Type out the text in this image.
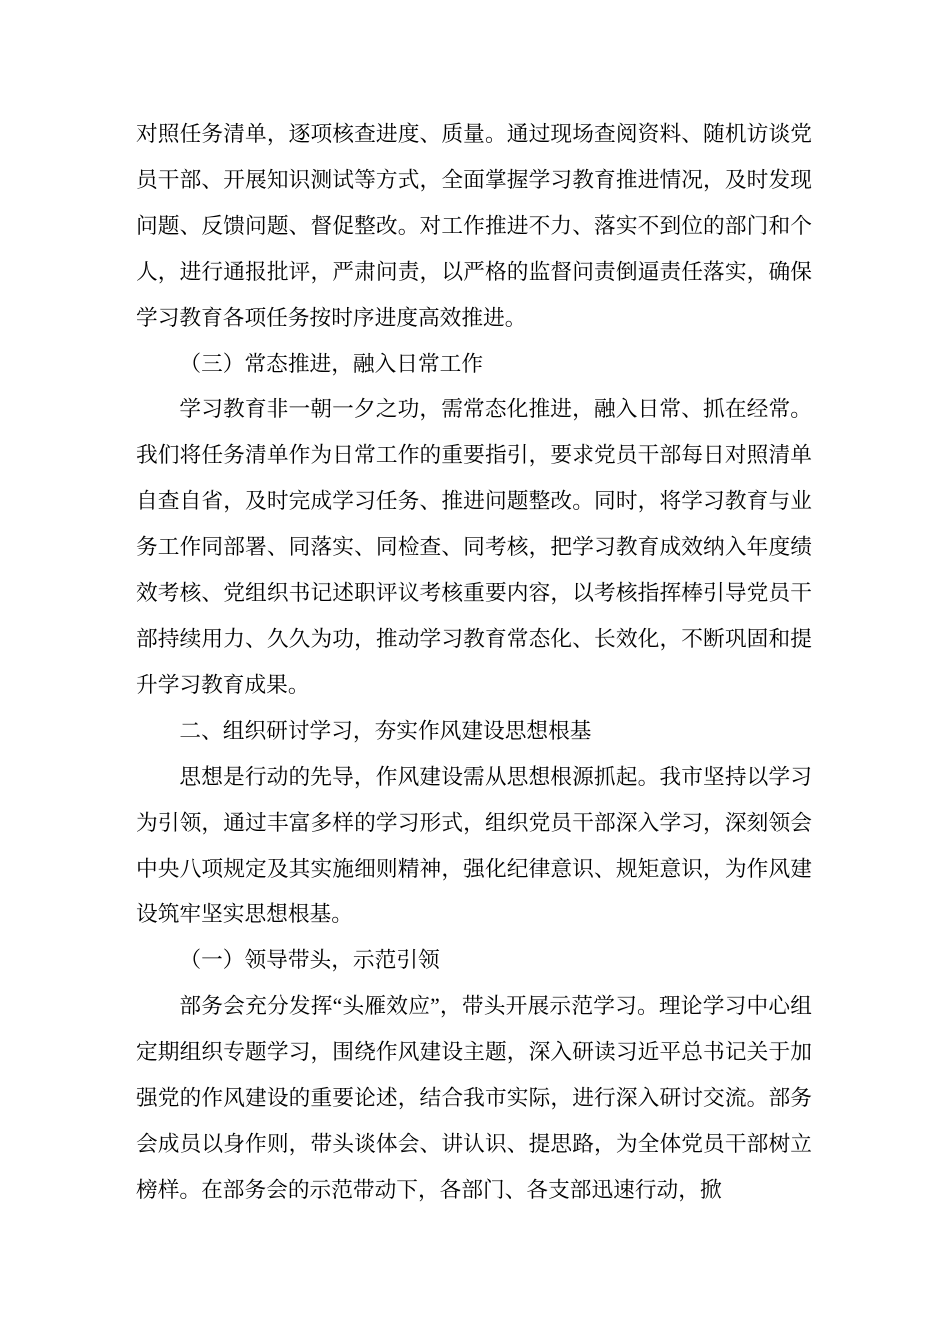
对照任务清单，逐项核查进度、质量。通过现场查阅资料、随机访谈党员干部、开展知识测试等方式，全面掌握学习教育推进情况，及时发现问题、反馈问题、督促整改。对工作推进不力、落实不到位的部门和个人，进行通报批评，严肃问责，以严格的监督问责倒逼责任落实，确保学习教育各项任务按时序进度高效推进。

（三）常态推进，融入日常工作

学习教育非一朝一夕之功，需常态化推进，融入日常、抓在经常。我们将任务清单作为日常工作的重要指引，要求党员干部每日对照清单自查自省，及时完成学习任务、推进问题整改。同时，将学习教育与业务工作同部署、同落实、同检查、同考核，把学习教育成效纳入年度绩效考核、党组织书记述职评议考核重要内容，以考核指挥棒引导党员干部持续用力、久久为功，推动学习教育常态化、长效化，不断巩固和提升学习教育成果。

二、组织研讨学习，夯实作风建设思想根基

思想是行动的先导，作风建设需从思想根源抓起。我市坚持以学习为引领，通过丰富多样的学习形式，组织党员干部深入学习，深刻领会中央八项规定及其实施细则精神，强化纪律意识、规矩意识，为作风建设筑牢坚实思想根基。

（一）领导带头，示范引领

部务会充分发挥“头雁效应”，带头开展示范学习。理论学习中心组定期组织专题学习，围绕作风建设主题，深入研读习近平总书记关于加强党的作风建设的重要论述，结合我市实际，进行深入研讨交流。部务会成员以身作则，带头谈体会、讲认识、提思路，为全体党员干部树立榜样。在部务会的示范带动下，各部门、各支部迅速行动，掀
